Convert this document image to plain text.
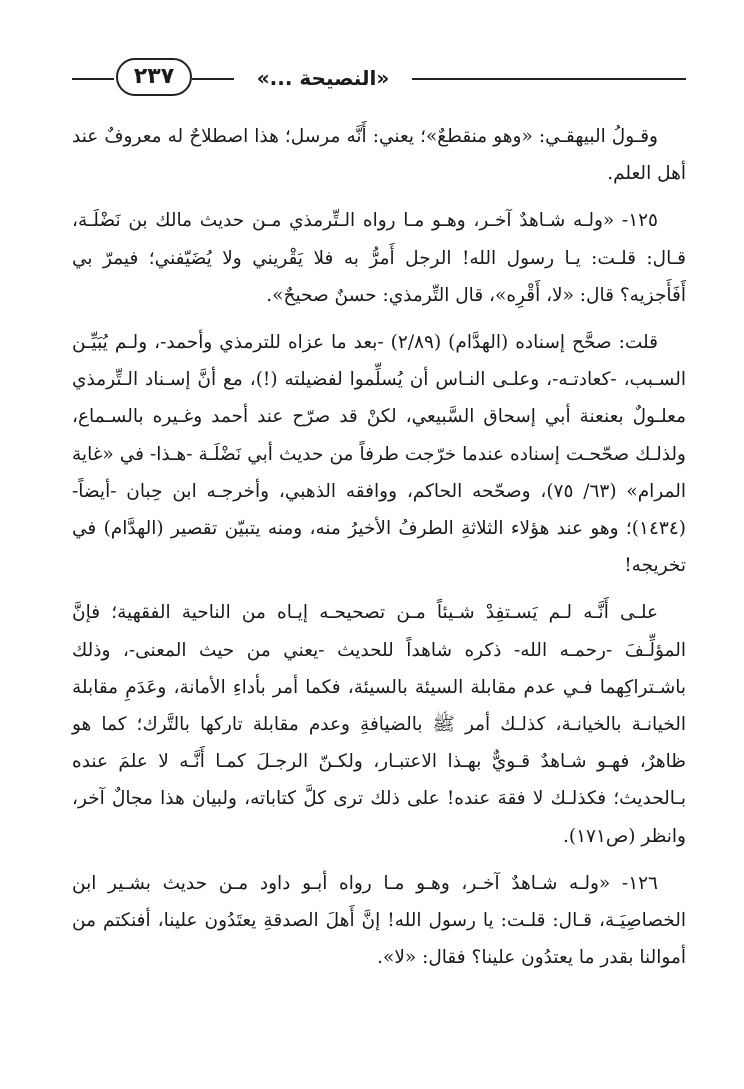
٢٣٧	«النصيحة ...»

وقـولُ البيهقـي: «وهو منقطعٌ»؛ يعني: أَنَّه مرسل؛ هذا اصطلاحٌ له معروفٌ عند أهل العلم.

١٢٥- «ولـه شـاهدٌ آخـر، وهـو مـا رواه الـتِّرمذي مـن حديث مالك بن نَضْلَـة، قـال: قلـت: يـا رسول الله! الرجل أَمرُّ به فلا يَقْريني ولا يُضَيّفني؛ فيمرّ بي أَفَأَجزيه؟ قال: «لا، أَقْرِه»، قال التِّرمذي: حسنٌ صحيحٌ».

قلت: صحَّح إسناده (الهدَّام) (٢/٨٩) -بعد ما عزاه للترمذي وأحمد-، ولـم يُبَيِّـن السـبب، -كعادتـه-، وعلـى النـاس أن يُسلِّموا لفضيلته (!)، مع أنَّ إسـناد الـتِّرمذي معلـولٌ بعنعنة أبي إسحاق السَّبيعي، لكنْ قد صرّح عند أحمد وغـيره بالسـماع، ولذلـك صحّحـت إسناده عندما خرّجت طرفاً من حديث أبي نَضْلَـة -هـذا- في «غاية المرام» (٦٣/ ٧٥)، وصحّحه الحاكم، ووافقه الذهبي، وأخرجـه ابن حِبان -أيضاً- (١٤٣٤)؛ وهو عند هؤلاء الثلاثةِ الطرفُ الأخيرُ منه، ومنه يتبيّن تقصير (الهدَّام) في تخريجه!

علـى أَنَّـه لـم يَسـتفِدْ شـيئاً مـن تصحيحـه إيـاه من الناحية الفقهية؛ فإنَّ المؤلِّـفَ -رحمـه الله- ذكره شاهداً للحديث -يعني من حيث المعنى-، وذلك باشـتراكِهما فـي عدم مقابلة السيئة بالسيئة، فكما أمر بأداءِ الأمانة، وعَدَمِ مقابلة الخيانـة بالخيانـة، كذلـك أمر ﷺ بالضيافةِ وعدم مقابلة تاركها بالتَّرك؛ كما هو ظاهرٌ، فهـو شـاهدٌ قـويٌّ بهـذا الاعتبـار، ولكـنّ الرجـلَ كمـا أَنَّـه لا علمَ عنده بـالحديث؛ فكذلـك لا فقهَ عنده! على ذلك ترى كلَّ كتاباته، ولبيان هذا مجالٌ آخر، وانظر (ص١٧١).

١٢٦- «ولـه شـاهدٌ آخـر، وهـو مـا رواه أبـو داود مـن حديث بشـير ابن الخصاصِيَـة، قـال: قلـت: يا رسول الله! إنَّ أَهلَ الصدقةِ يعتَدُون علينا، أفنكتم من أموالنا بقدر ما يعتدُون علينا؟ فقال: «لا».
